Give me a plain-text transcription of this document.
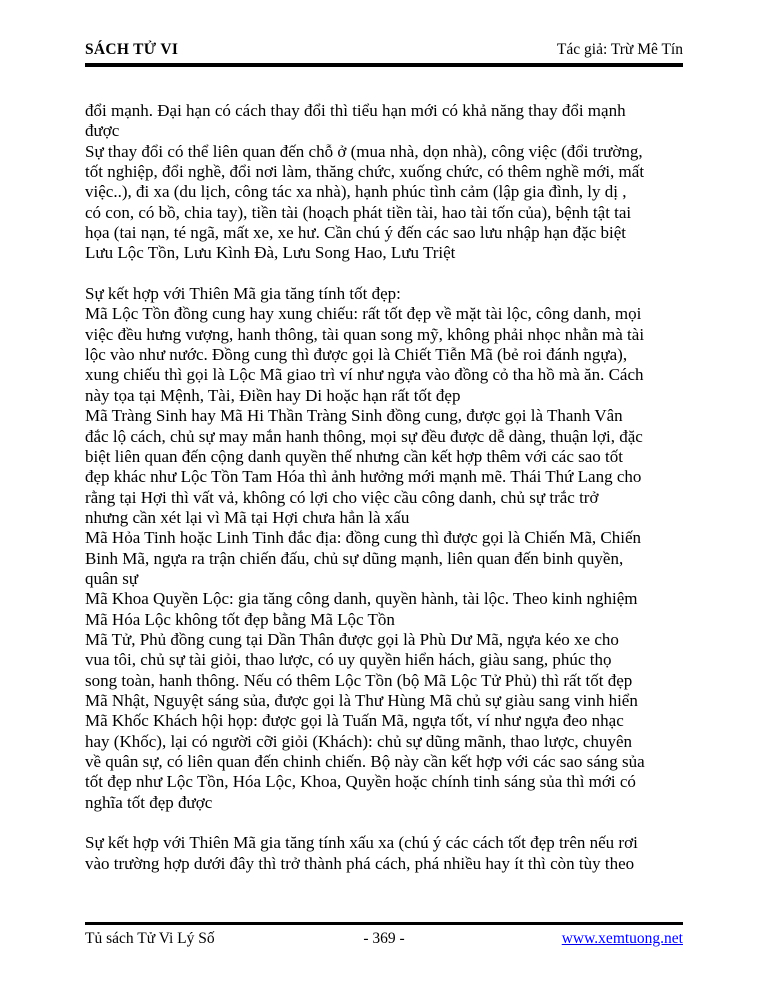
SÁCH TỬ VI	Tác giả: Trừ Mê Tín
đổi mạnh. Đại hạn có cách thay đổi thì tiểu hạn mới có khả năng thay đổi mạnh
được
Sự thay đổi có thể liên quan đến chỗ ở (mua nhà, dọn nhà), công việc (đổi trường,
tốt nghiệp, đổi nghề, đổi nơi làm, thăng chức, xuống chức, có thêm nghề mới, mất
việc..), đi xa (du lịch, công tác xa nhà), hạnh phúc tình cảm (lập gia đình, ly dị ,
có con, có bồ, chia tay), tiền tài (hoạch phát tiền tài, hao tài tốn của), bệnh tật tai
họa (tai nạn, té ngã, mất xe, xe hư. Cần chú ý đến các sao lưu nhập hạn đặc biệt
Lưu Lộc Tồn, Lưu Kình Đà, Lưu Song Hao, Lưu Triệt
Sự kết hợp với Thiên Mã gia tăng tính tốt đẹp:
Mã Lộc Tồn đồng cung hay xung chiếu: rất tốt đẹp về mặt tài lộc, công danh, mọi
việc đều hưng vượng, hanh thông, tài quan song mỹ, không phải nhọc nhằn mà tài
lộc vào như nước. Đồng cung thì được gọi là Chiết Tiễn Mã (bẻ roi đánh ngựa),
xung chiếu thì gọi là Lộc Mã giao trì ví như ngựa vào đồng cỏ tha hồ mà ăn. Cách
này tọa tại Mệnh, Tài, Điền hay Di hoặc hạn rất tốt đẹp
Mã Tràng Sinh hay Mã Hi Thần Tràng Sinh đồng cung, được gọi là Thanh Vân
đắc lộ cách, chủ sự may mắn hanh thông, mọi sự đều được dễ dàng, thuận lợi, đặc
biệt liên quan đến cộng danh quyền thế nhưng cần kết hợp thêm với các sao tốt
đẹp khác như Lộc Tồn Tam Hóa thì ảnh hưởng mới mạnh mẽ. Thái Thứ Lang cho
rằng tại Hợi thì vất vả, không có lợi cho việc cầu công danh, chủ sự trắc trở
nhưng cần xét lại vì Mã tại Hợi chưa hẳn là xấu
Mã Hỏa Tinh hoặc Linh Tinh đắc địa: đồng cung thì được gọi là Chiến Mã, Chiến
Binh Mã, ngựa ra trận chiến đấu, chủ sự dũng mạnh, liên quan đến binh quyền,
quân sự
Mã Khoa Quyền Lộc: gia tăng công danh, quyền hành, tài lộc. Theo kinh nghiệm
Mã Hóa Lộc không tốt đẹp bằng Mã Lộc Tồn
Mã Tử, Phủ đồng cung tại Dần Thân được gọi là Phù Dư Mã, ngựa kéo xe cho
vua tôi, chủ sự tài giỏi, thao lược, có uy quyền hiển hách, giàu sang, phúc thọ
song toàn, hanh thông. Nếu có thêm Lộc Tồn (bộ Mã Lộc Tử Phủ) thì rất tốt đẹp
Mã Nhật, Nguyệt sáng sủa, được gọi là Thư Hùng Mã chủ sự giàu sang vinh hiển
Mã Khốc Khách hội họp: được gọi là Tuấn Mã, ngựa tốt, ví như ngựa đeo nhạc
hay (Khốc), lại có người cỡi giỏi (Khách): chủ sự dũng mãnh, thao lược, chuyên
về quân sự, có liên quan đến chinh chiến. Bộ này cần kết hợp với các sao sáng sủa
tốt đẹp như Lộc Tồn, Hóa Lộc, Khoa, Quyền hoặc chính tinh sáng sủa thì mới có
nghĩa tốt đẹp được
Sự kết hợp với Thiên Mã gia tăng tính xấu xa (chú ý các cách tốt đẹp trên nếu rơi
vào trường hợp dưới đây thì trở thành phá cách, phá nhiều hay ít thì còn tùy theo
Tủ sách Tử Vi Lý Số	- 369 -	www.xemtuong.net
